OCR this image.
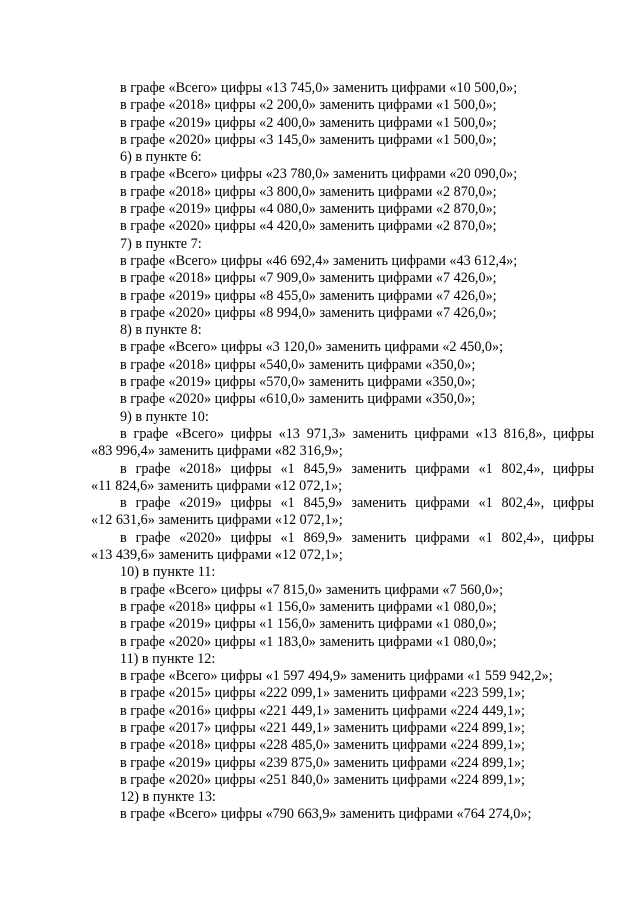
в графе «Всего» цифры «13 745,0» заменить цифрами «10 500,0»;
в графе «2018» цифры «2 200,0» заменить цифрами «1 500,0»;
в графе «2019» цифры «2 400,0» заменить цифрами «1 500,0»;
в графе «2020» цифры «3 145,0» заменить цифрами «1 500,0»;
6) в пункте 6:
в графе «Всего» цифры «23 780,0» заменить цифрами «20 090,0»;
в графе «2018» цифры «3 800,0» заменить цифрами «2 870,0»;
в графе «2019» цифры «4 080,0» заменить цифрами «2 870,0»;
в графе «2020» цифры «4 420,0» заменить цифрами «2 870,0»;
7) в пункте 7:
в графе «Всего» цифры «46 692,4» заменить цифрами «43 612,4»;
в графе «2018» цифры «7 909,0» заменить цифрами «7 426,0»;
в графе «2019» цифры «8 455,0» заменить цифрами «7 426,0»;
в графе «2020» цифры «8 994,0» заменить цифрами «7 426,0»;
8) в пункте 8:
в графе «Всего» цифры «3 120,0» заменить цифрами «2 450,0»;
в графе «2018» цифры «540,0» заменить цифрами «350,0»;
в графе «2019» цифры «570,0» заменить цифрами «350,0»;
в графе «2020» цифры «610,0» заменить цифрами «350,0»;
9) в пункте 10:
в графе «Всего» цифры «13 971,3» заменить цифрами «13 816,8», цифры
«83 996,4» заменить цифрами «82 316,9»;
в графе «2018» цифры «1 845,9» заменить цифрами «1 802,4», цифры
«11 824,6» заменить цифрами «12 072,1»;
в графе «2019» цифры «1 845,9» заменить цифрами «1 802,4», цифры
«12 631,6» заменить цифрами «12 072,1»;
в графе «2020» цифры «1 869,9» заменить цифрами «1 802,4», цифры
«13 439,6» заменить цифрами «12 072,1»;
10) в пункте 11:
в графе «Всего» цифры «7 815,0» заменить цифрами «7 560,0»;
в графе «2018» цифры «1 156,0» заменить цифрами «1 080,0»;
в графе «2019» цифры «1 156,0» заменить цифрами «1 080,0»;
в графе «2020» цифры «1 183,0» заменить цифрами «1 080,0»;
11) в пункте 12:
в графе «Всего» цифры «1 597 494,9» заменить цифрами «1 559 942,2»;
в графе «2015» цифры «222 099,1» заменить цифрами «223 599,1»;
в графе «2016» цифры «221 449,1» заменить цифрами «224 449,1»;
в графе «2017» цифры «221 449,1» заменить цифрами «224 899,1»;
в графе «2018» цифры «228 485,0» заменить цифрами «224 899,1»;
в графе «2019» цифры «239 875,0» заменить цифрами «224 899,1»;
в графе «2020» цифры «251 840,0» заменить цифрами «224 899,1»;
12) в пункте 13:
в графе «Всего» цифры «790 663,9» заменить цифрами «764 274,0»;
